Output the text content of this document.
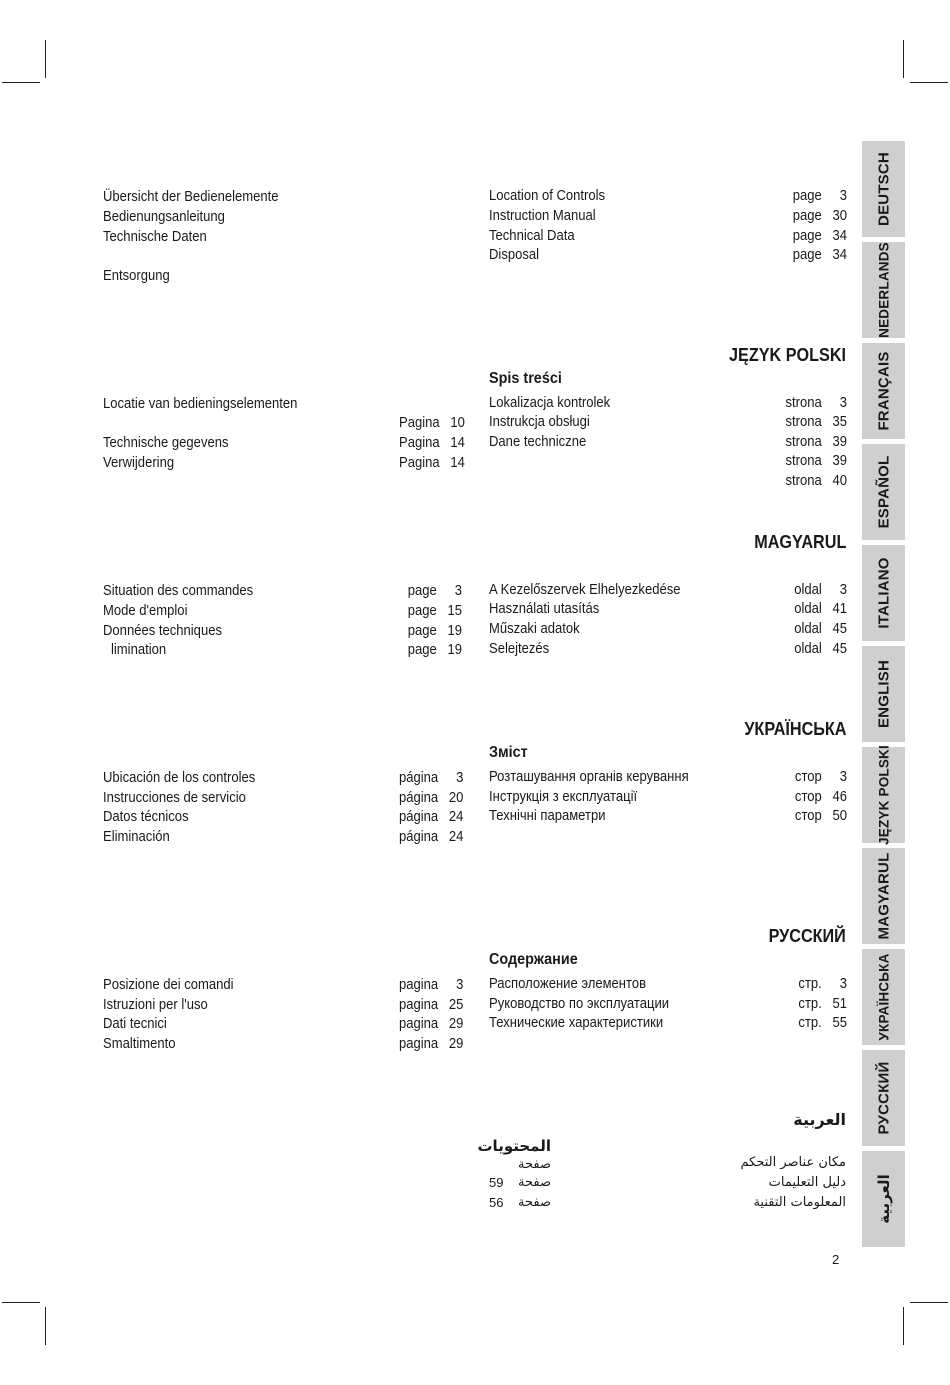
Übersicht der Bedienelemente
Bedienungsanleitung
Technische Daten
Entsorgung
Locatie van bedieningselementen
Technische gegevens
Verwijdering
Pagina 10
Pagina 14
Pagina 14
Situation des commandes
Mode d'emploi
Données techniques
limination
page 3
page 15
page 19
page 19
Ubicación de los controles
Instrucciones de servicio
Datos técnicos
Eliminación
página 3
página 20
página 24
página 24
Posizione dei comandi
Istruzioni per l'uso
Dati tecnici
Smaltimento
pagina 3
pagina 25
pagina 29
pagina 29
Location of Controls
Instruction Manual
Technical Data
Disposal
page 3
page 30
page 34
page 34
JĘZYK POLSKI
Spis treści
Lokalizacja kontrolek
Instrukcja obsługi
Dane techniczne
strona 3
strona 35
strona 39
strona 39
strona 40
MAGYARUL
A Kezelőszervek Elhelyezkedése
Használati utasítás
Műszaki adatok
Selejtezés
oldal 3
oldal 41
oldal 45
oldal 45
УКРАЇНСЬКА
Зміст
Розташування органів керування
Інструкція з експлуатації
Технічні параметри
стор 3
стор 46
стор 50
РУССКИЙ
Содержание
Расположение элементов
Руководство по эксплуатации
Технические характеристики
стр. 3
стр. 51
стр. 55
العربية
المحتويات
مكان عناصر التحكم
دليل التعليمات
المعلومات التقنية
صفحة
59 صفحة
56 صفحة
DEUTSCH
NEDERLANDS
FRANÇAIS
ESPAÑOL
ITALIANO
ENGLISH
JĘZYK POLSKI
MAGYARUL
УКРАЇНСЬКА
РУССКИЙ
العربية
2
